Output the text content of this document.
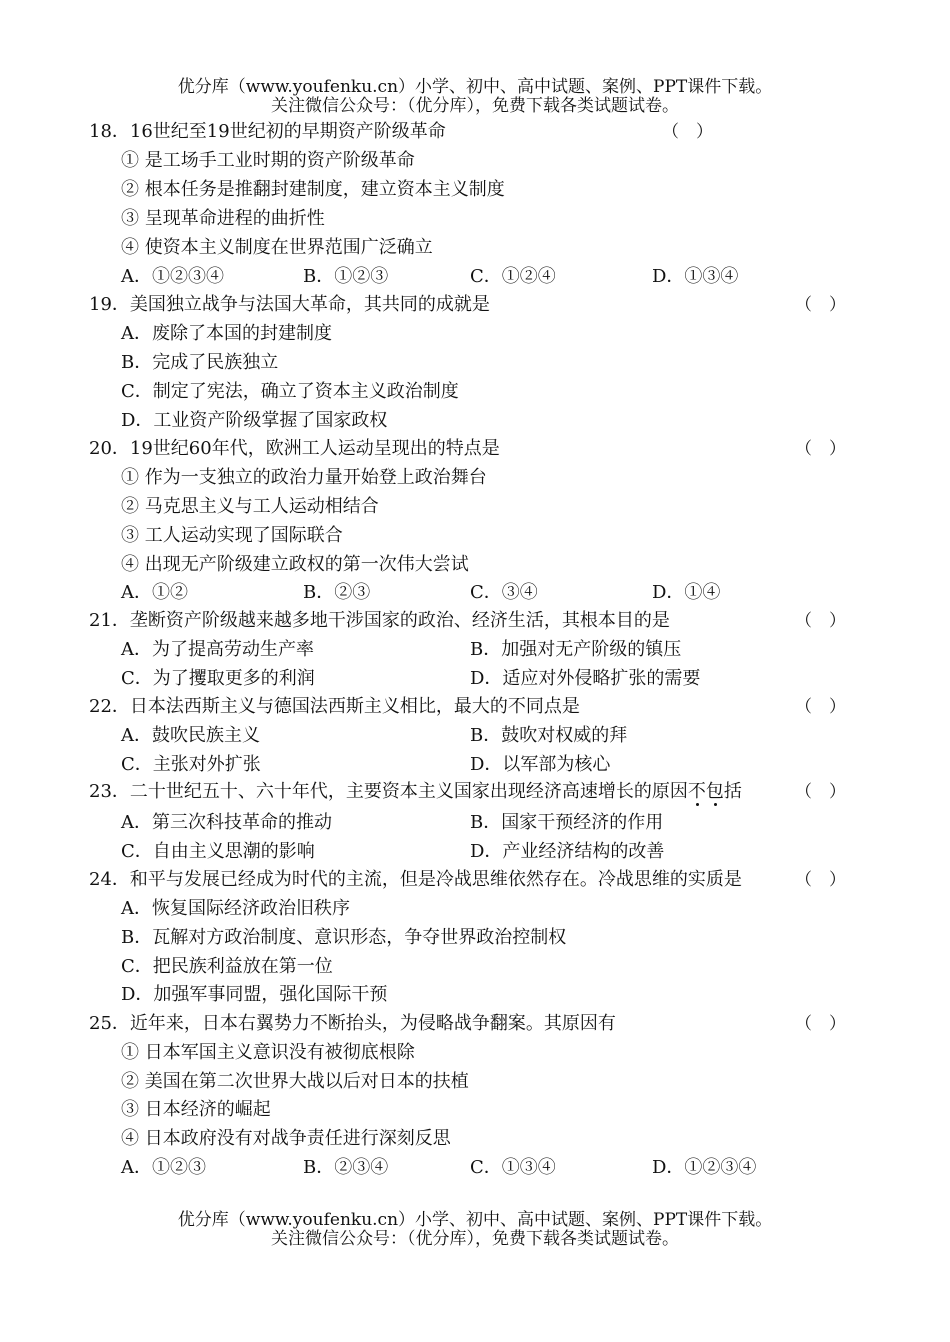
优分库（www.youfenku.cn）小学、初中、高中试题、案例、PPT课件下载。
关注微信公众号：（优分库），免费下载各类试题试卷。
18．16世纪至19世纪初的早期资产阶级革命	（　）
① 是工场手工业时期的资产阶级革命
② 根本任务是推翻封建制度，建立资本主义制度
③ 呈现革命进程的曲折性
④ 使资本主义制度在世界范围广泛确立
A．①②③④	B．①②③	C．①②④	D．①③④
19．美国独立战争与法国大革命，其共同的成就是	（　）
A．废除了本国的封建制度
B．完成了民族独立
C．制定了宪法，确立了资本主义政治制度
D．工业资产阶级掌握了国家政权
20．19世纪60年代，欧洲工人运动呈现出的特点是	（　）
① 作为一支独立的政治力量开始登上政治舞台
② 马克思主义与工人运动相结合
③ 工人运动实现了国际联合
④ 出现无产阶级建立政权的第一次伟大尝试
A．①②	B．②③	C．③④	D．①④
21．垄断资产阶级越来越多地干涉国家的政治、经济生活，其根本目的是	（　）
A．为了提高劳动生产率	B．加强对无产阶级的镇压
C．为了攫取更多的利润	D．适应对外侵略扩张的需要
22．日本法西斯主义与德国法西斯主义相比，最大的不同点是	（　）
A．鼓吹民族主义	B．鼓吹对权威的拜
C．主张对外扩张	D．以军部为核心
23．二十世纪五十、六十年代，主要资本主义国家出现经济高速增长的原因不包括	（　）
A．第三次科技革命的推动	B．国家干预经济的作用
C．自由主义思潮的影响	D．产业经济结构的改善
24．和平与发展已经成为时代的主流，但是冷战思维依然存在。冷战思维的实质是	（　）
A．恢复国际经济政治旧秩序
B．瓦解对方政治制度、意识形态，争夺世界政治控制权
C．把民族利益放在第一位
D．加强军事同盟，强化国际干预
25．近年来，日本右翼势力不断抬头，为侵略战争翻案。其原因有	（　）
① 日本军国主义意识没有被彻底根除
② 美国在第二次世界大战以后对日本的扶植
③ 日本经济的崛起
④ 日本政府没有对战争责任进行深刻反思
A．①②③	B．②③④	C．①③④	D．①②③④
优分库（www.youfenku.cn）小学、初中、高中试题、案例、PPT课件下载。
关注微信公众号：（优分库），免费下载各类试题试卷。
